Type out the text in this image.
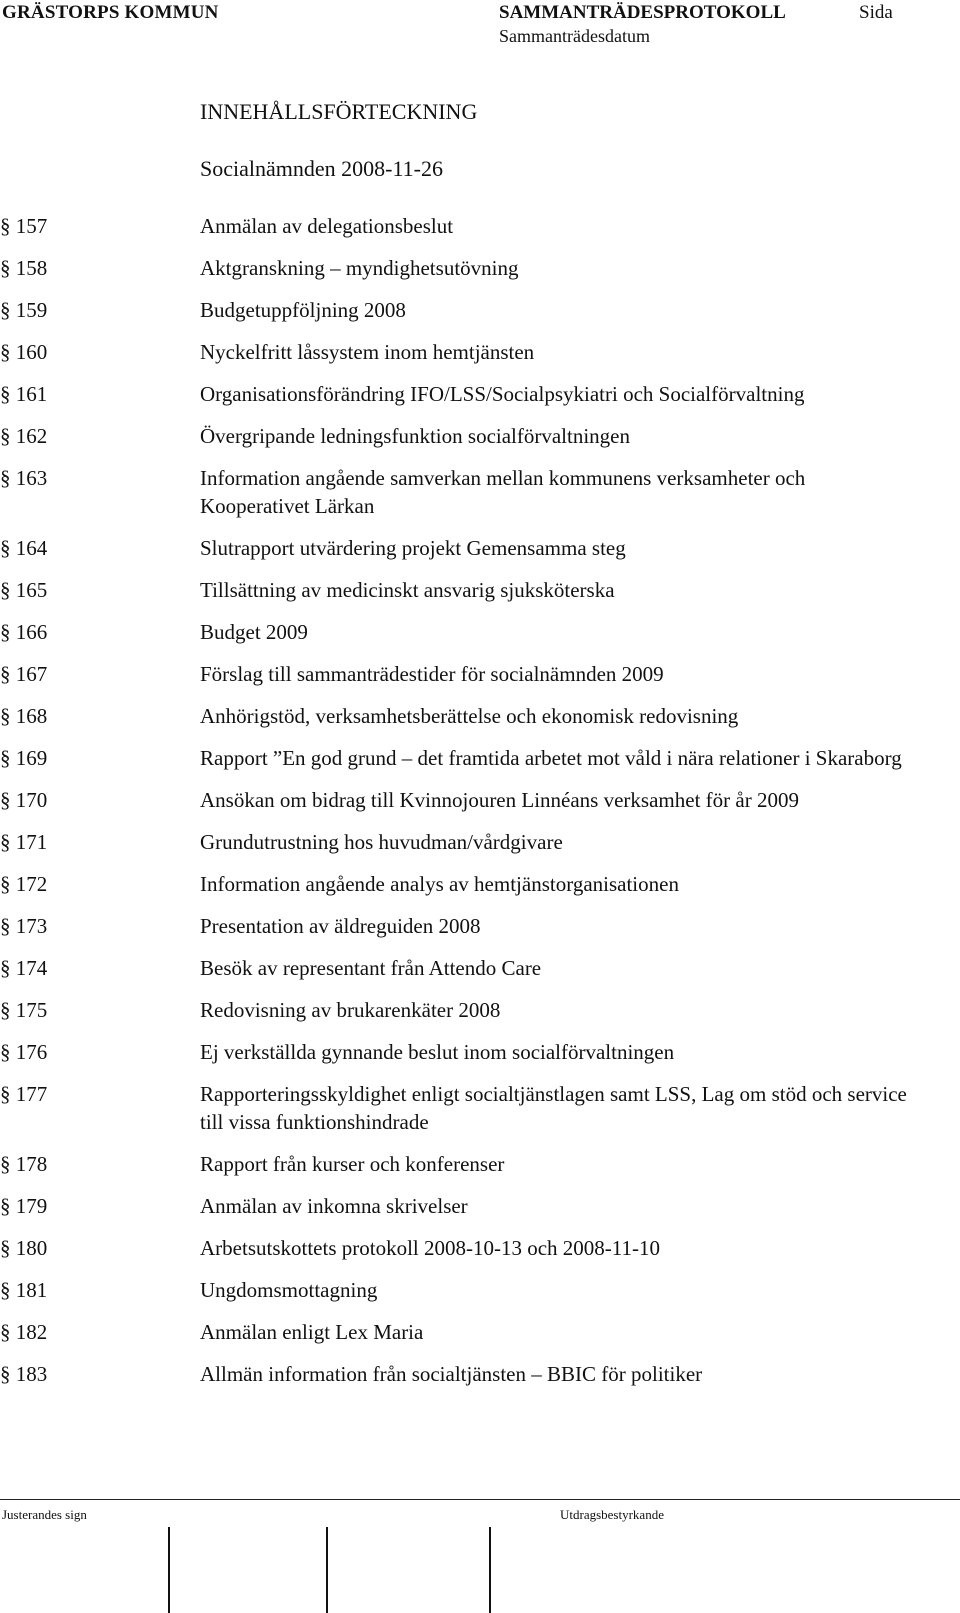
GRÄSTORPS KOMMUN	SAMMANTRÄDESPROTOKOLL
Sammanträdesdatum
Sida
INNEHÅLLSFÖRTECKNING
Socialnämnden 2008-11-26
§ 157	Anmälan av delegationsbeslut
§ 158	Aktgranskning – myndighetsutövning
§ 159	Budgetuppföljning 2008
§ 160	Nyckelfritt låssystem inom hemtjänsten
§ 161	Organisationsförändring IFO/LSS/Socialpsykiatri och Socialförvaltning
§ 162	Övergripande ledningsfunktion socialförvaltningen
§ 163	Information angående samverkan mellan kommunens verksamheter och Kooperativet Lärkan
§ 164	Slutrapport utvärdering projekt Gemensamma steg
§ 165	Tillsättning av medicinskt ansvarig sjuksköterska
§ 166	Budget 2009
§ 167	Förslag till sammanträdestider för socialnämnden 2009
§ 168	Anhörigstöd, verksamhetsberättelse och ekonomisk redovisning
§ 169	Rapport ”En god grund – det framtida arbetet mot våld i nära relationer i Skaraborg
§ 170	Ansökan om bidrag till Kvinnojouren Linnéans verksamhet för år 2009
§ 171	Grundutrustning hos huvudman/vårdgivare
§ 172	Information angående analys av hemtjänstorganisationen
§ 173	Presentation av äldreguiden 2008
§ 174	Besök av representant från Attendo Care
§ 175	Redovisning av brukarenkäter 2008
§ 176	Ej verkställda gynnande beslut inom socialförvaltningen
§ 177	Rapporteringsskyldighet enligt socialtjänstlagen samt LSS, Lag om stöd och service till vissa funktionshindrade
§ 178	Rapport från kurser och konferenser
§ 179	Anmälan av inkomna skrivelser
§ 180	Arbetsutskottets protokoll 2008-10-13 och 2008-11-10
§ 181	Ungdomsmottagning
§ 182	Anmälan enligt Lex Maria
§ 183	Allmän information från socialtjänsten – BBIC för politiker
Justerandes sign	Utdragsbestyrkande
